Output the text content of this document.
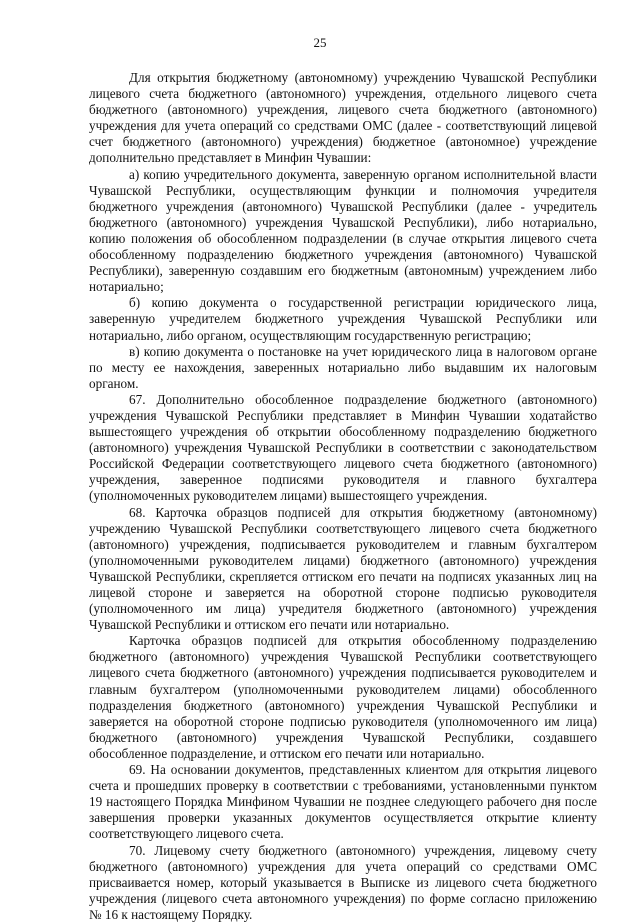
25

Для открытия бюджетному (автономному) учреждению Чувашской Республики лицевого счета бюджетного (автономного) учреждения, отдельного лицевого счета бюджетного (автономного) учреждения, лицевого счета бюджетного (автономного) учреждения для учета операций со средствами ОМС (далее - соответствующий лицевой счет бюджетного (автономного) учреждения) бюджетное (автономное) учреждение дополнительно представляет в Минфин Чувашии:

а) копию учредительного документа, заверенную органом исполнительной власти Чувашской Республики, осуществляющим функции и полномочия учредителя бюджетного учреждения (автономного) Чувашской Республики (далее - учредитель бюджетного (автономного) учреждения Чувашской Республики), либо нотариально, копию положения об обособленном подразделении (в случае открытия лицевого счета обособленному подразделению бюджетного учреждения (автономного) Чувашской Республики), заверенную создавшим его бюджетным (автономным) учреждением либо нотариально;

б) копию документа о государственной регистрации юридического лица, заверенную учредителем бюджетного учреждения Чувашской Республики или нотариально, либо органом, осуществляющим государственную регистрацию;

в) копию документа о постановке на учет юридического лица в налоговом органе по месту ее нахождения, заверенных нотариально либо выдавшим их налоговым органом.

67. Дополнительно обособленное подразделение бюджетного (автономного) учреждения Чувашской Республики представляет в Минфин Чувашии ходатайство вышестоящего учреждения об открытии обособленному подразделению бюджетного (автономного) учреждения Чувашской Республики в соответствии с законодательством Российской Федерации соответствующего лицевого счета бюджетного (автономного) учреждения, заверенное подписями руководителя и главного бухгалтера (уполномоченных руководителем лицами) вышестоящего учреждения.

68. Карточка образцов подписей для открытия бюджетному (автономному) учреждению Чувашской Республики соответствующего лицевого счета бюджетного (автономного) учреждения, подписывается руководителем и главным бухгалтером (уполномоченными руководителем лицами) бюджетного (автономного) учреждения Чувашской Республики, скрепляется оттиском его печати на подписях указанных лиц на лицевой стороне и заверяется на оборотной стороне подписью руководителя (уполномоченного им лица) учредителя бюджетного (автономного) учреждения Чувашской Республики и оттиском его печати или нотариально.

Карточка образцов подписей для открытия обособленному подразделению бюджетного (автономного) учреждения Чувашской Республики соответствующего лицевого счета бюджетного (автономного) учреждения подписывается руководителем и главным бухгалтером (уполномоченными руководителем лицами) обособленного подразделения бюджетного (автономного) учреждения Чувашской Республики и заверяется на оборотной стороне подписью руководителя (уполномоченного им лица) бюджетного (автономного) учреждения Чувашской Республики, создавшего обособленное подразделение, и оттиском его печати или нотариально.

69. На основании документов, представленных клиентом для открытия лицевого счета и прошедших проверку в соответствии с требованиями, установленными пунктом 19 настоящего Порядка Минфином Чувашии не позднее следующего рабочего дня после завершения проверки указанных документов осуществляется открытие клиенту соответствующего лицевого счета.

70. Лицевому счету бюджетного (автономного) учреждения, лицевому счету бюджетного (автономного) учреждения для учета операций со средствами ОМС присваивается номер, который указывается в Выписке из лицевого счета бюджетного учреждения (лицевого счета автономного учреждения) по форме согласно приложению № 16 к настоящему Порядку.
